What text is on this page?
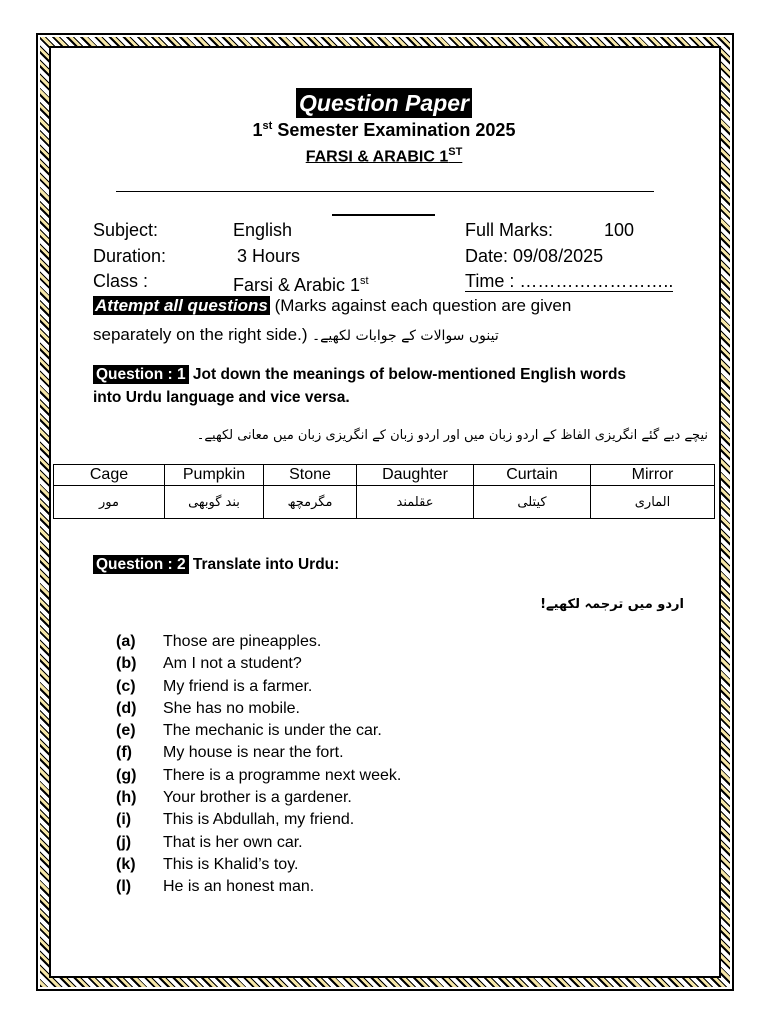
Question Paper
1st Semester Examination 2025
FARSI & ARABIC 1ST
Subject:	English	Full Marks:	100
Duration:	3 Hours	Date: 09/08/2025
Class :	Farsi & Arabic 1st	Time : ……………………..
Attempt all questions (Marks against each question are given
separately on the right side.) تینوں سوالات کے جوابات لکھیے۔
Question : 1 Jot down the meanings of below-mentioned English words
into Urdu language and vice versa.
نیچے دیے گئے انگریزی الفاظ کے اردو زبان میں اور اردو زبان کے انگریزی زبان میں معانی لکھیے۔
Cage	Pumpkin	Stone	Daughter	Curtain	Mirror
مور	بند گوبھی	مگرمچھ	عقلمند	کیتلی	الماری
Question : 2 Translate into Urdu:
اردو میں ترجمہ لکھیے!
(a) Those are pineapples.
(b) Am I not a student?
(c) My friend is a farmer.
(d) She has no mobile.
(e) The mechanic is under the car.
(f) My house is near the fort.
(g) There is a programme next week.
(h) Your brother is a gardener.
(i) This is Abdullah, my friend.
(j) That is her own car.
(k) This is Khalid’s toy.
(l) He is an honest man.
